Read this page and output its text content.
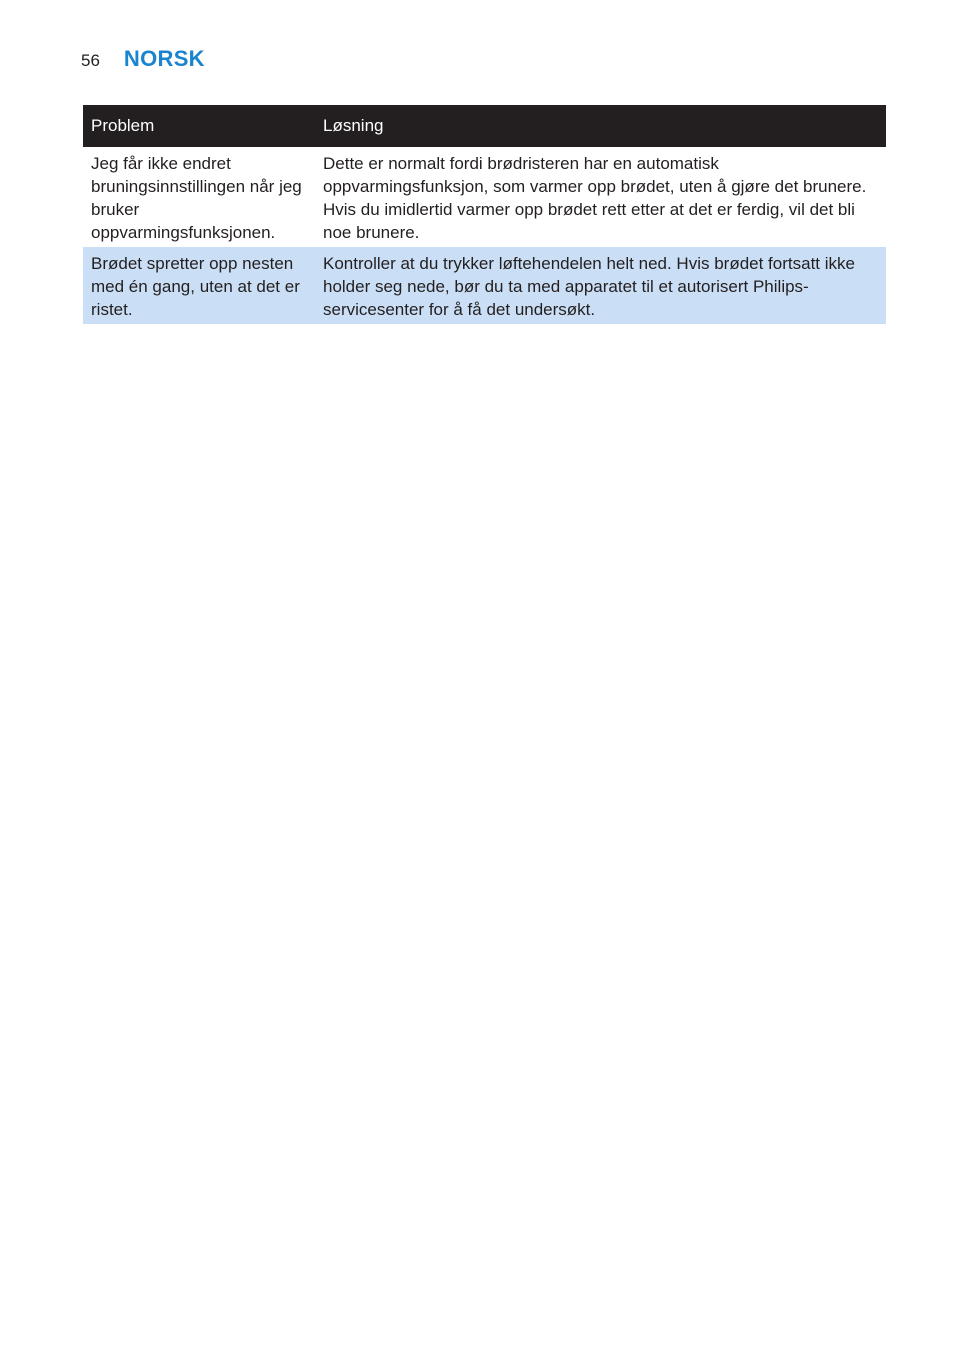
56 NORSK
Problem	Løsning
Jeg får ikke endret bruningsinnstillingen når jeg bruker oppvarmingsfunksjonen.	Dette er normalt fordi brødristeren har en automatisk oppvarmingsfunksjon, som varmer opp brødet, uten å gjøre det brunere. Hvis du imidlertid varmer opp brødet rett etter at det er ferdig, vil det bli noe brunere.
Brødet spretter opp nesten med én gang, uten at det er ristet.	Kontroller at du trykker løftehendelen helt ned. Hvis brødet fortsatt ikke holder seg nede, bør du ta med apparatet til et autorisert Philips-servicesenter for å få det undersøkt.
